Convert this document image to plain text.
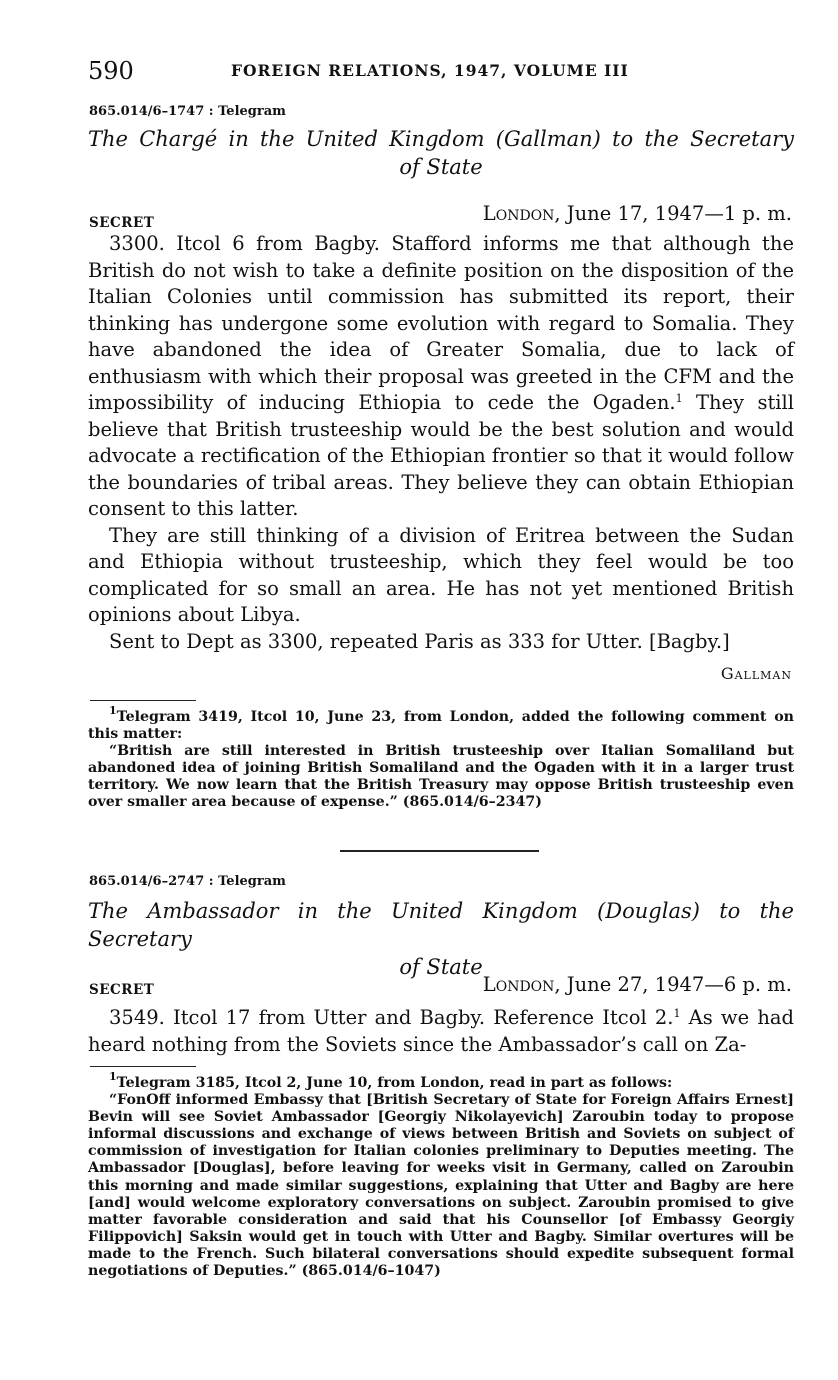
590	FOREIGN RELATIONS, 1947, VOLUME III
865.014/6–1747 : Telegram
The Chargé in the United Kingdom (Gallman) to the Secretary
of State
SECRET	London, June 17, 1947—1 p. m.

3300. Itcol 6 from Bagby. Stafford informs me that although the British do not wish to take a definite position on the disposition of the Italian Colonies until commission has submitted its report, their thinking has undergone some evolution with regard to Somalia. They have abandoned the idea of Greater Somalia, due to lack of enthusiasm with which their proposal was greeted in the CFM and the impossibility of inducing Ethiopia to cede the Ogaden.$^1$ They still believe that British trusteeship would be the best solution and would advocate a rectification of the Ethiopian frontier so that it would follow the boundaries of tribal areas. They believe they can obtain Ethiopian consent to this latter.

They are still thinking of a division of Eritrea between the Sudan and Ethiopia without trusteeship, which they feel would be too complicated for so small an area. He has not yet mentioned British opinions about Libya.

Sent to Dept as 3300, repeated Paris as 333 for Utter. [Bagby.]

Gallman

$^1$Telegram 3419, Itcol 10, June 23, from London, added the following comment on this matter:

“British are still interested in British trusteeship over Italian Somaliland but abandoned idea of joining British Somaliland and the Ogaden with it in a larger trust territory. We now learn that the British Treasury may oppose British trusteeship even over smaller area because of expense.” (865.014/6–2347)

865.014/6–2747 : Telegram
The Ambassador in the United Kingdom (Douglas) to the Secretary
of State
SECRET	London, June 27, 1947—6 p. m.

3549. Itcol 17 from Utter and Bagby. Reference Itcol 2.$^1$ As we had heard nothing from the Soviets since the Ambassador’s call on Za-

$^1$Telegram 3185, Itcol 2, June 10, from London, read in part as follows:

“FonOff informed Embassy that [British Secretary of State for Foreign Affairs Ernest] Bevin will see Soviet Ambassador [Georgiy Nikolayevich] Zaroubin today to propose informal discussions and exchange of views between British and Soviets on subject of commission of investigation for Italian colonies preliminary to Deputies meeting. The Ambassador [Douglas], before leaving for weeks visit in Germany, called on Zaroubin this morning and made similar suggestions, explaining that Utter and Bagby are here [and] would welcome exploratory conversations on subject. Zaroubin promised to give matter favorable consideration and said that his Counsellor [of Embassy Georgiy Filippovich] Saksin would get in touch with Utter and Bagby. Similar overtures will be made to the French. Such bilateral conversations should expedite subsequent formal negotiations of Deputies.” (865.014/6–1047)
